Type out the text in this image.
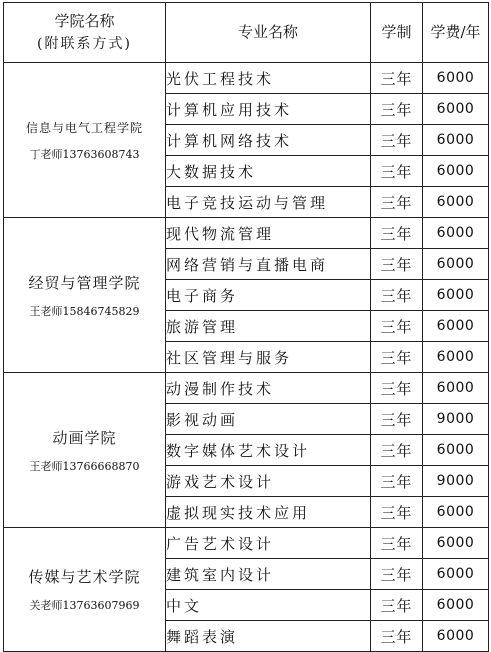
学院名称
(附联系方式)	专业名称	学制	学费/年

信息与电气工程学院
丁老师13763608743	光伏工程技术	三年	6000
	计算机应用技术	三年	6000
	计算机网络技术	三年	6000
	大数据技术	三年	6000
	电子竞技运动与管理	三年	6000

经贸与管理学院
王老师15846745829	现代物流管理	三年	6000
	网络营销与直播电商	三年	6000
	电子商务	三年	6000
	旅游管理	三年	6000
	社区管理与服务	三年	6000

动画学院
王老师13766668870	动漫制作技术	三年	6000
	影视动画	三年	9000
	数字媒体艺术设计	三年	6000
	游戏艺术设计	三年	9000
	虚拟现实技术应用	三年	6000

传媒与艺术学院
关老师13763607969	广告艺术设计	三年	6000
	建筑室内设计	三年	6000
	中文	三年	6000
	舞蹈表演	三年	6000
